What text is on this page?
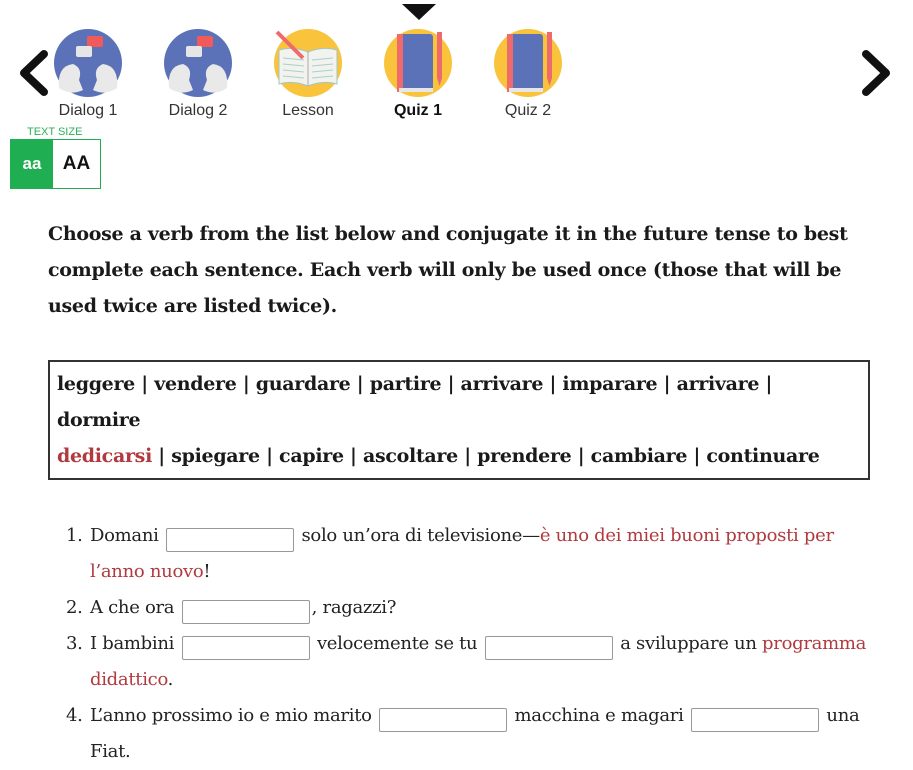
Dialog 1	Dialog 2	Lesson	Quiz 1	Quiz 2
TEXT SIZE
aa	AA
Choose a verb from the list below and conjugate it in the future tense to best complete each sentence. Each verb will only be used once (those that will be used twice are listed twice).
leggere | vendere | guardare | partire | arrivare | imparare | arrivare | dormire
dedicarsi | spiegare | capire | ascoltare | prendere | cambiare | continuare
1. Domani	solo un’ora di televisione—è uno dei miei buoni proposti per l’anno nuovo!
2. A che ora	, ragazzi?
3. I bambini	velocemente se tu	a sviluppare un programma didattico.
4. L’anno prossimo io e mio marito	macchina e magari	una Fiat.
